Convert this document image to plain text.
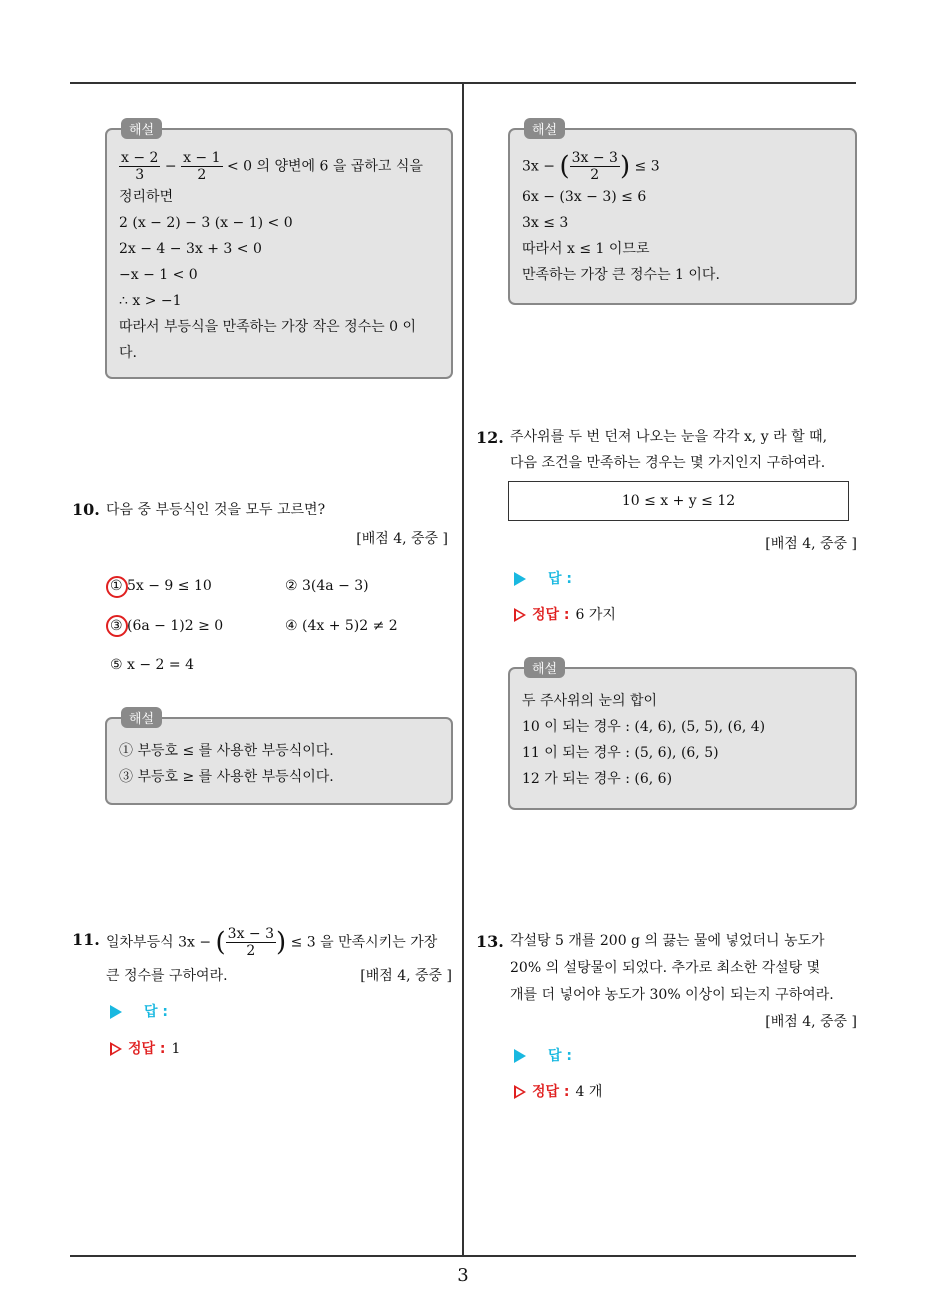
해설
$\frac{x - 2}{3} - \frac{x - 1}{2} < 0$ 의 양변에 6 을 곱하고 식을
정리하면
2 (x − 2) − 3 (x − 1) < 0
2x − 4 − 3x + 3 < 0
−x − 1 < 0
∴ x > −1
따라서 부등식을 만족하는 가장 작은 정수는 0 이
다.
해설
3x − ( $\frac{3x - 3}{2}$ ) ≤ 3
6x − (3x − 3) ≤ 6
3x ≤ 3
따라서 x ≤ 1 이므로
만족하는 가장 큰 정수는 1 이다.
10. 다음 중 부등식인 것을 모두 고르면?
[배점 4, 중중 ]
① 5x − 9 ≤ 10	② 3(4a − 3)
③ (6a − 1)2 ≥ 0	④ (4x + 5)2 ≠ 2
⑤ x − 2 = 4
해설
① 부등호 ≤ 를 사용한 부등식이다.
③ 부등호 ≥ 를 사용한 부등식이다.
11. 일차부등식 3x − ( $\frac{3x - 3}{2}$ ) ≤ 3 을 만족시키는 가장
큰 정수를 구하여라.	[배점 4, 중중 ]
답 :
정답 : 1
12. 주사위를 두 번 던져 나오는 눈을 각각 x, y 라 할 때,
다음 조건을 만족하는 경우는 몇 가지인지 구하여라.
10 ≤ x + y ≤ 12
[배점 4, 중중 ]
답 :
정답 : 6 가지
해설
두 주사위의 눈의 합이
10 이 되는 경우 : (4, 6), (5, 5), (6, 4)
11 이 되는 경우 : (5, 6), (6, 5)
12 가 되는 경우 : (6, 6)
13. 각설탕 5 개를 200 g 의 끓는 물에 넣었더니 농도가
20% 의 설탕물이 되었다. 추가로 최소한 각설탕 몇
개를 더 넣어야 농도가 30% 이상이 되는지 구하여라.
[배점 4, 중중 ]
답 :
정답 : 4 개
3
